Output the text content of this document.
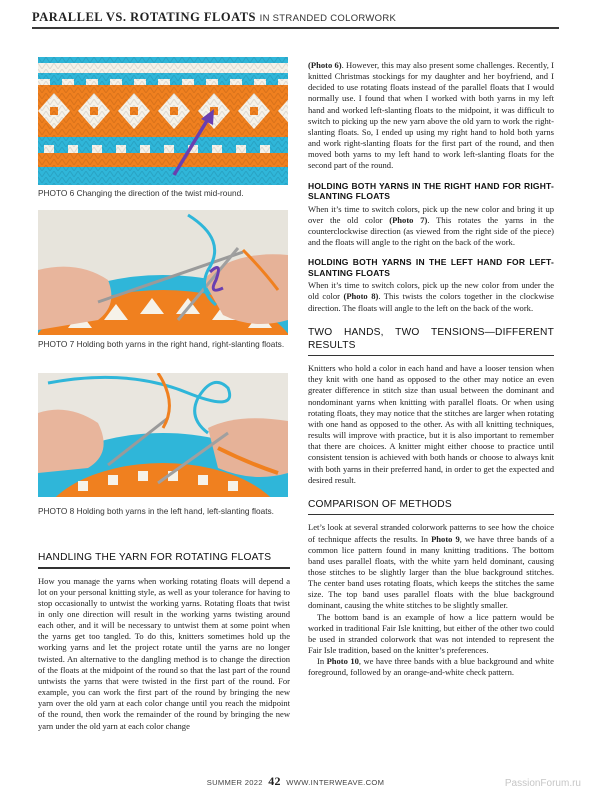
PARALLEL VS. ROTATING FLOATS IN STRANDED COLORWORK
PHOTO 6 Changing the direction of the twist mid-round.
PHOTO 7 Holding both yarns in the right hand, right-slanting floats.
PHOTO 8 Holding both yarns in the left hand, left-slanting floats.
HANDLING THE YARN FOR ROTATING FLOATS

How you manage the yarns when working rotating floats will depend a lot on your personal knitting style, as well as your tolerance for having to stop occasionally to untwist the working yarns. Rotating floats that twist in only one direction will result in the working yarns twisting around each other, and it will be necessary to untwist them at some point when the yarns get too tangled. To do this, knitters sometimes hold up the working yarns and let the project rotate until the yarns are no longer twisted. An alternative to the dangling method is to change the direction of the floats at the midpoint of the round so that the last part of the round untwists the yarns that were twisted in the first part of the round. For example, you can work the first part of the round by bringing the new yarn over the old yarn at each color change until you reach the midpoint of the round, then work the remainder of the round by bringing the new yarn under the old yarn at each color change

(Photo 6). However, this may also present some challenges. Recently, I knitted Christmas stockings for my daughter and her boyfriend, and I decided to use rotating floats instead of the parallel floats that I would normally use. I found that when I worked with both yarns in my left hand and worked left-slanting floats to the midpoint, it was difficult to switch to picking up the new yarn above the old yarn to work the right-slanting floats. So, I ended up using my right hand to hold both yarns and work right-slanting floats for the first part of the round, and then moved both yarns to my left hand to work left-slanting floats for the second part of the round.

HOLDING BOTH YARNS IN THE RIGHT HAND FOR RIGHT-SLANTING FLOATS

When it’s time to switch colors, pick up the new color and bring it up over the old color (Photo 7). This rotates the yarns in the counterclockwise direction (as viewed from the right side of the piece) and the floats will angle to the right on the back of the work.

HOLDING BOTH YARNS IN THE LEFT HAND FOR LEFT-SLANTING FLOATS

When it’s time to switch colors, pick up the new color from under the old color (Photo 8). This twists the colors together in the clockwise direction. The floats will angle to the left on the back of the work.

TWO HANDS, TWO TENSIONS—DIFFERENT RESULTS

Knitters who hold a color in each hand and have a looser tension when they knit with one hand as opposed to the other may notice an even greater difference in stitch size than usual between the dominant and nondominant yarns when knitting with parallel floats. Or when using rotating floats, they may notice that the stitches are larger when rotating with one hand as opposed to the other. As with all knitting techniques, results will improve with practice, but it is also important to remember that there are choices. A knitter might either choose to practice until consistent tension is achieved with both hands or choose to always knit with both yarns in their preferred hand, in order to get the expected and desired result.

COMPARISON OF METHODS

Let’s look at several stranded colorwork patterns to see how the choice of technique affects the results. In Photo 9, we have three bands of a common lice pattern found in many knitting traditions. The bottom band uses parallel floats, with the white yarn held dominant, causing those stitches to be slightly larger than the blue background stitches. The center band uses rotating floats, which keeps the stitches the same size. The top band uses parallel floats with the blue background dominant, causing the white stitches to be slightly smaller.

The bottom band is an example of how a lice pattern would be worked in traditional Fair Isle knitting, but either of the other two could be used in stranded colorwork that was not intended to represent the Fair Isle tradition, based on the knitter’s preferences.

In Photo 10, we have three bands with a blue background and white foreground, followed by an orange-and-white check pattern.

SUMMER 2022 42 WWW.INTERWEAVE.COM	PassionForum.ru
